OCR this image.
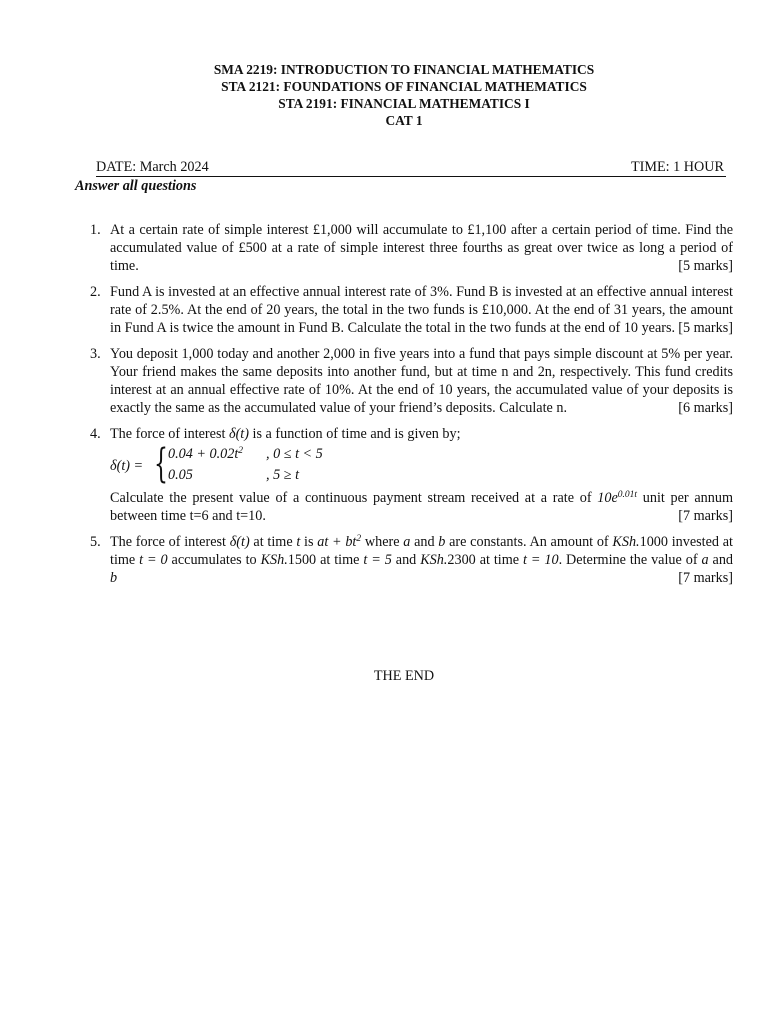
SMA 2219: INTRODUCTION TO FINANCIAL MATHEMATICS
STA 2121: FOUNDATIONS OF FINANCIAL MATHEMATICS
STA 2191: FINANCIAL MATHEMATICS I
CAT 1
DATE: March 2024	TIME: 1 HOUR
Answer all questions
1. At a certain rate of simple interest £1,000 will accumulate to £1,100 after a certain period of time. Find the accumulated value of £500 at a rate of simple interest three fourths as great over twice as long a period of time.	[5 marks]
2. Fund A is invested at an effective annual interest rate of 3%. Fund B is invested at an effective annual interest rate of 2.5%. At the end of 20 years, the total in the two funds is £10,000. At the end of 31 years, the amount in Fund A is twice the amount in Fund B. Calculate the total in the two funds at the end of 10 years. [5 marks]
3. You deposit 1,000 today and another 2,000 in five years into a fund that pays simple discount at 5% per year. Your friend makes the same deposits into another fund, but at time n and 2n, respectively. This fund credits interest at an annual effective rate of 10%. At the end of 10 years, the accumulated value of your deposits is exactly the same as the accumulated value of your friend’s deposits. Calculate n.	[6 marks]
4. The force of interest δ(t) is a function of time and is given by;
δ(t) = { $0.04 + 0.02t^2$ , 0 ≤ t < 5
0.05	, 5 ≥ t
Calculate the present value of a continuous payment stream received at a rate of $10e^{0.01t}$ unit per annum between time t=6 and t=10.	[7 marks]
5. The force of interest δ(t) at time t is at + $bt^2$ where a and b are constants. An amount of KSh.1000 invested at time t = 0 accumulates to KSh.1500 at time t = 5 and KSh.2300 at time t = 10. Determine the value of a and b	[7 marks]
THE END
